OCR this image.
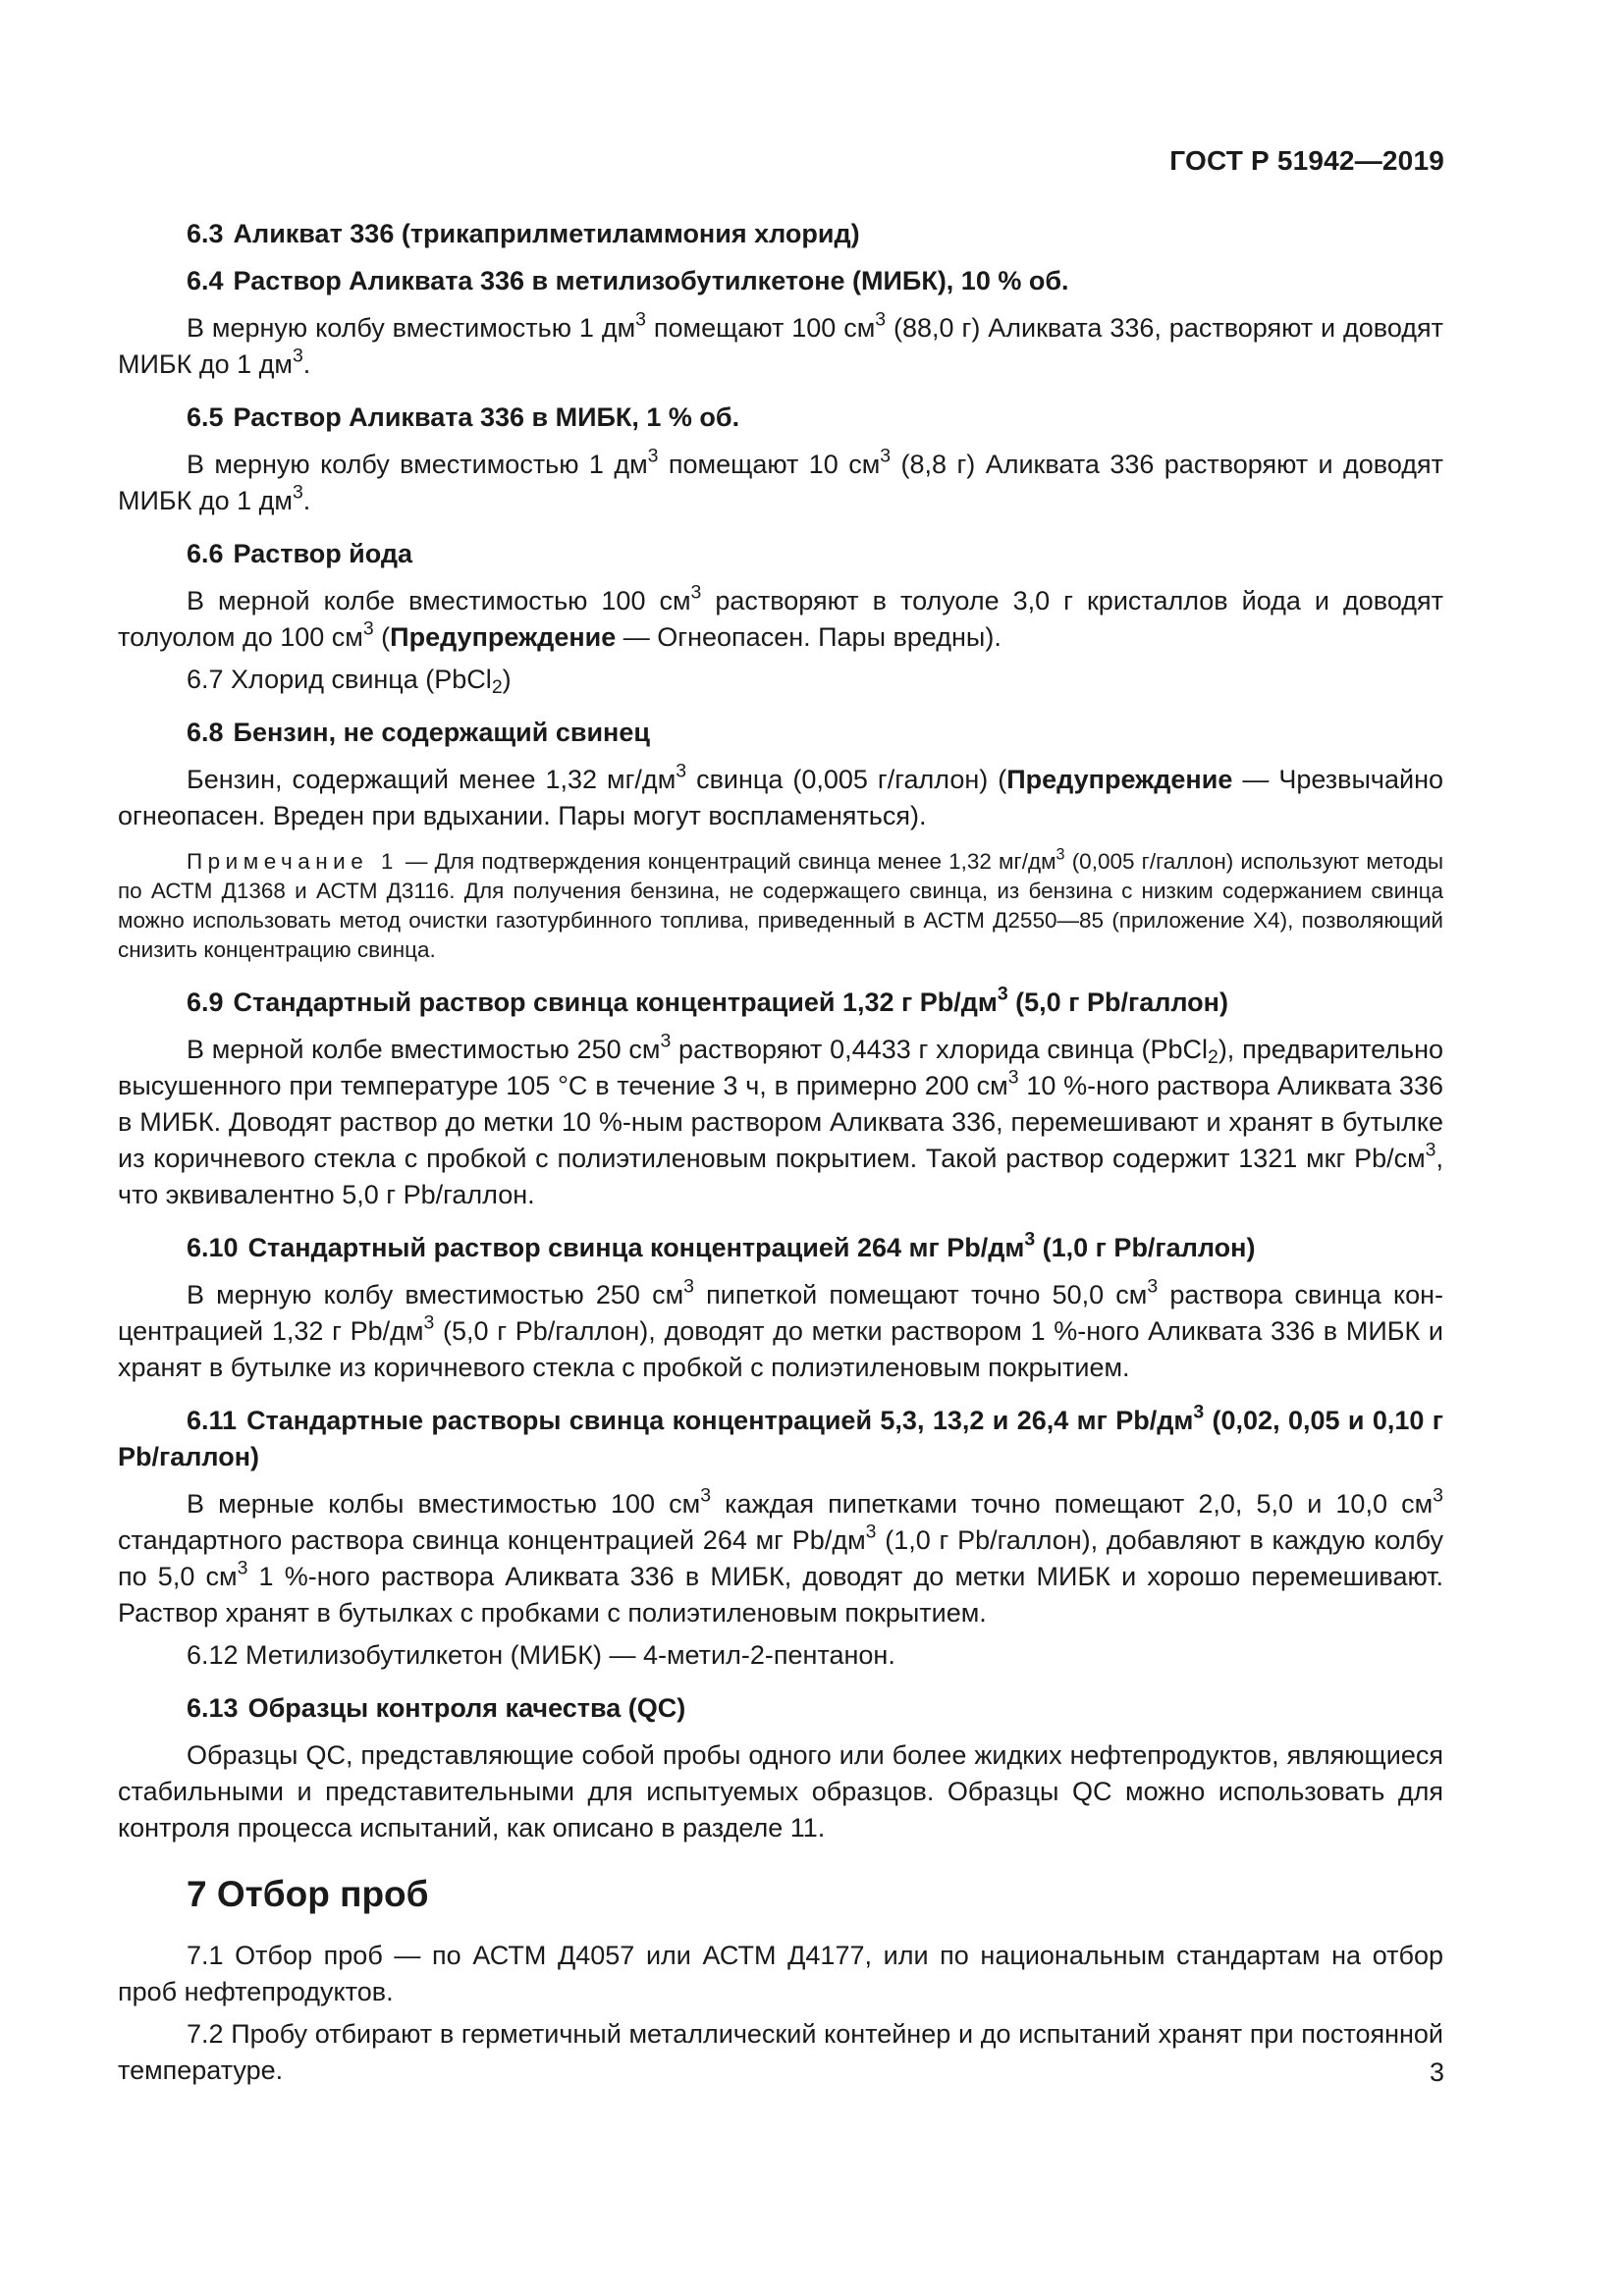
ГОСТ Р 51942—2019
6.3 Аликват 336 (трикаприлметиламмония хлорид)
6.4 Раствор Аликвата 336 в метилизобутилкетоне (МИБК), 10 % об.
В мерную колбу вместимостью 1 $дм^3$ помещают 100 $см^3$ (88,0 г) Аликвата 336, растворяют и доводят МИБК до 1 $дм^3$.
6.5 Раствор Аликвата 336 в МИБК, 1 % об.
В мерную колбу вместимостью 1 $дм^3$ помещают 10 $см^3$ (8,8 г) Аликвата 336 растворяют и доводят МИБК до 1 $дм^3$.
6.6 Раствор йода
В мерной колбе вместимостью 100 $см^3$ растворяют в толуоле 3,0 г кристаллов йода и доводят толуолом до 100 $см^3$ (Предупреждение — Огнеопасен. Пары вредны).
6.7 Хлорид свинца (PbCl$_2$)
6.8 Бензин, не содержащий свинец
Бензин, содержащий менее 1,32 $мг/дм^3$ свинца (0,005 г/галлон) (Предупреждение — Чрезвычайно огнеопасен. Вреден при вдыхании. Пары могут воспламеняться).
Примечание 1 — Для подтверждения концентраций свинца менее 1,32 $мг/дм^3$ (0,005 г/галлон) используют методы по АСТМ Д1368 и АСТМ Д3116. Для получения бензина, не содержащего свинца, из бензина с низким содержанием свинца можно использовать метод очистки газотурбинного топлива, приведенный в АСТМ Д2550—85 (приложение Х4), позволяющий снизить концентрацию свинца.
6.9 Стандартный раствор свинца концентрацией 1,32 г $Pb/дм^3$ (5,0 г Pb/галлон)
В мерной колбе вместимостью 250 $см^3$ растворяют 0,4433 г хлорида свинца (PbCl$_2$), предварительно высушенного при температуре 105 °С в течение 3 ч, в примерно 200 $см^3$ 10 %-ного раствора Аликвата 336 в МИБК. Доводят раствор до метки 10 %-ным раствором Аликвата 336, перемешивают и хранят в бутылке из коричневого стекла с пробкой с полиэтиленовым покрытием. Такой раствор содержит 1321 мкг $Pb/см^3$, что эквивалентно 5,0 г Pb/галлон.
6.10 Стандартный раствор свинца концентрацией 264 мг $Pb/дм^3$ (1,0 г Pb/галлон)
В мерную колбу вместимостью 250 $см^3$ пипеткой помещают точно 50,0 $см^3$ раствора свинца концентрацией 1,32 г $Pb/дм^3$ (5,0 г Pb/галлон), доводят до метки раствором 1 %-ного Аликвата 336 в МИБК и хранят в бутылке из коричневого стекла с пробкой с полиэтиленовым покрытием.
6.11 Стандартные растворы свинца концентрацией 5,3, 13,2 и 26,4 мг $Pb/дм^3$ (0,02, 0,05 и 0,10 г Pb/галлон)
В мерные колбы вместимостью 100 $см^3$ каждая пипетками точно помещают 2,0, 5,0 и 10,0 $см^3$ стандартного раствора свинца концентрацией 264 мг $Pb/дм^3$ (1,0 г Pb/галлон), добавляют в каждую колбу по 5,0 $см^3$ 1 %-ного раствора Аликвата 336 в МИБК, доводят до метки МИБК и хорошо перемешивают. Раствор хранят в бутылках с пробками с полиэтиленовым покрытием.
6.12 Метилизобутилкетон (МИБК) — 4-метил-2-пентанон.
6.13 Образцы контроля качества (QC)
Образцы QC, представляющие собой пробы одного или более жидких нефтепродуктов, являющиеся стабильными и представительными для испытуемых образцов. Образцы QC можно использовать для контроля процесса испытаний, как описано в разделе 11.
7 Отбор проб
7.1 Отбор проб — по АСТМ Д4057 или АСТМ Д4177, или по национальным стандартам на отбор проб нефтепродуктов.
7.2 Пробу отбирают в герметичный металлический контейнер и до испытаний хранят при постоянной температуре.	3
